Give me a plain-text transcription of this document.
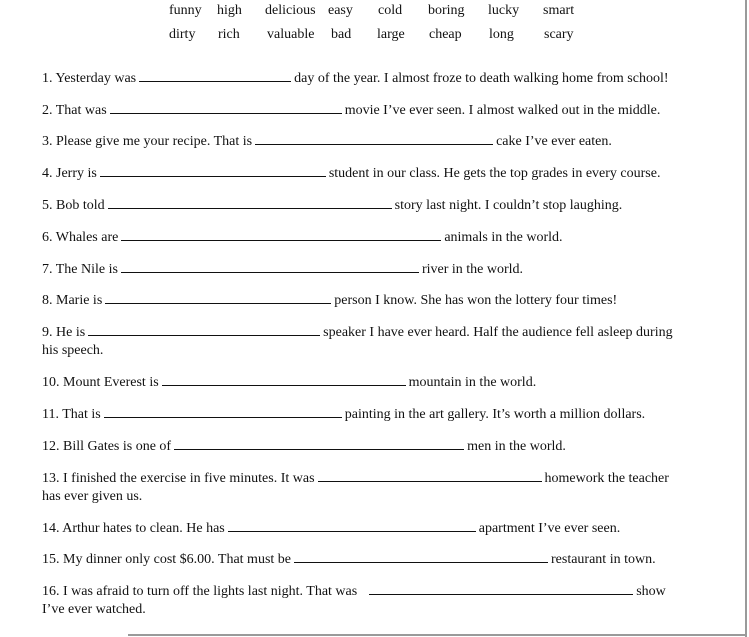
funny high delicious easy cold boring lucky smart
dirty rich valuable bad large cheap long scary
1. Yesterday was	day of the year. I almost froze to death walking home from school!
2. That was	movie I’ve ever seen. I almost walked out in the middle.
3. Please give me your recipe. That is	cake I’ve ever eaten.
4. Jerry is	student in our class. He gets the top grades in every course.
5. Bob told	story last night. I couldn’t stop laughing.
6. Whales are	animals in the world.
7. The Nile is	river in the world.
8. Marie is	person I know. She has won the lottery four times!
9. He is	speaker I have ever heard. Half the audience fell asleep during
his speech.
10. Mount Everest is	mountain in the world.
11. That is	painting in the art gallery. It’s worth a million dollars.
12. Bill Gates is one of	men in the world.
13. I finished the exercise in five minutes. It was	homework the teacher
has ever given us.
14. Arthur hates to clean. He has	apartment I’ve ever seen.
15. My dinner only cost $6.00. That must be	restaurant in town.
16. I was afraid to turn off the lights last night. That was	show
I’ve ever watched.
